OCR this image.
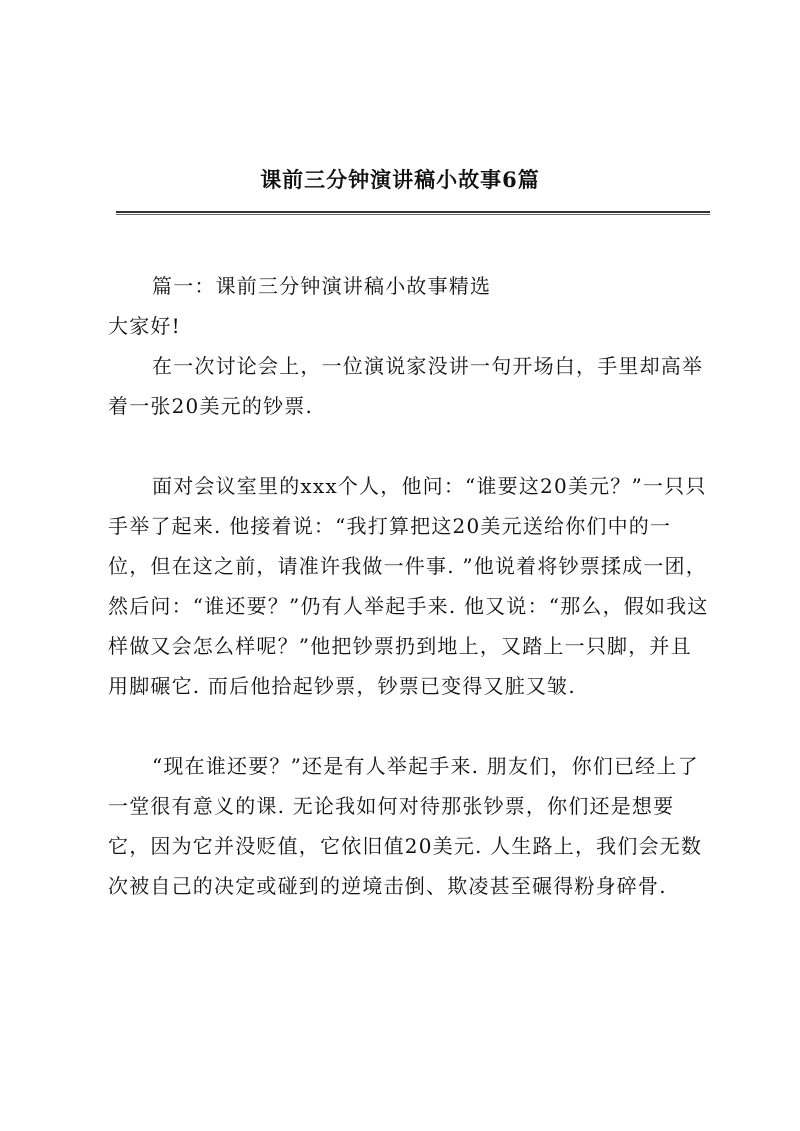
课前三分钟演讲稿小故事6篇

篇一：课前三分钟演讲稿小故事精选

大家好!

在一次讨论会上，一位演说家没讲一句开场白，手里却高举着一张20美元的钞票.

面对会议室里的xxx个人，他问：“谁要这20美元？”一只只手举了起来. 他接着说：“我打算把这20美元送给你们中的一位，但在这之前，请准许我做一件事. ”他说着将钞票揉成一团，然后问：“谁还要？”仍有人举起手来. 他又说：“那么，假如我这样做又会怎么样呢？”他把钞票扔到地上，又踏上一只脚，并且用脚碾它. 而后他拾起钞票，钞票已变得又脏又皱.

“现在谁还要？”还是有人举起手来. 朋友们，你们已经上了一堂很有意义的课. 无论我如何对待那张钞票，你们还是想要它，因为它并没贬值，它依旧值20美元. 人生路上，我们会无数次被自己的决定或碰到的逆境击倒、欺凌甚至碾得粉身碎骨.
